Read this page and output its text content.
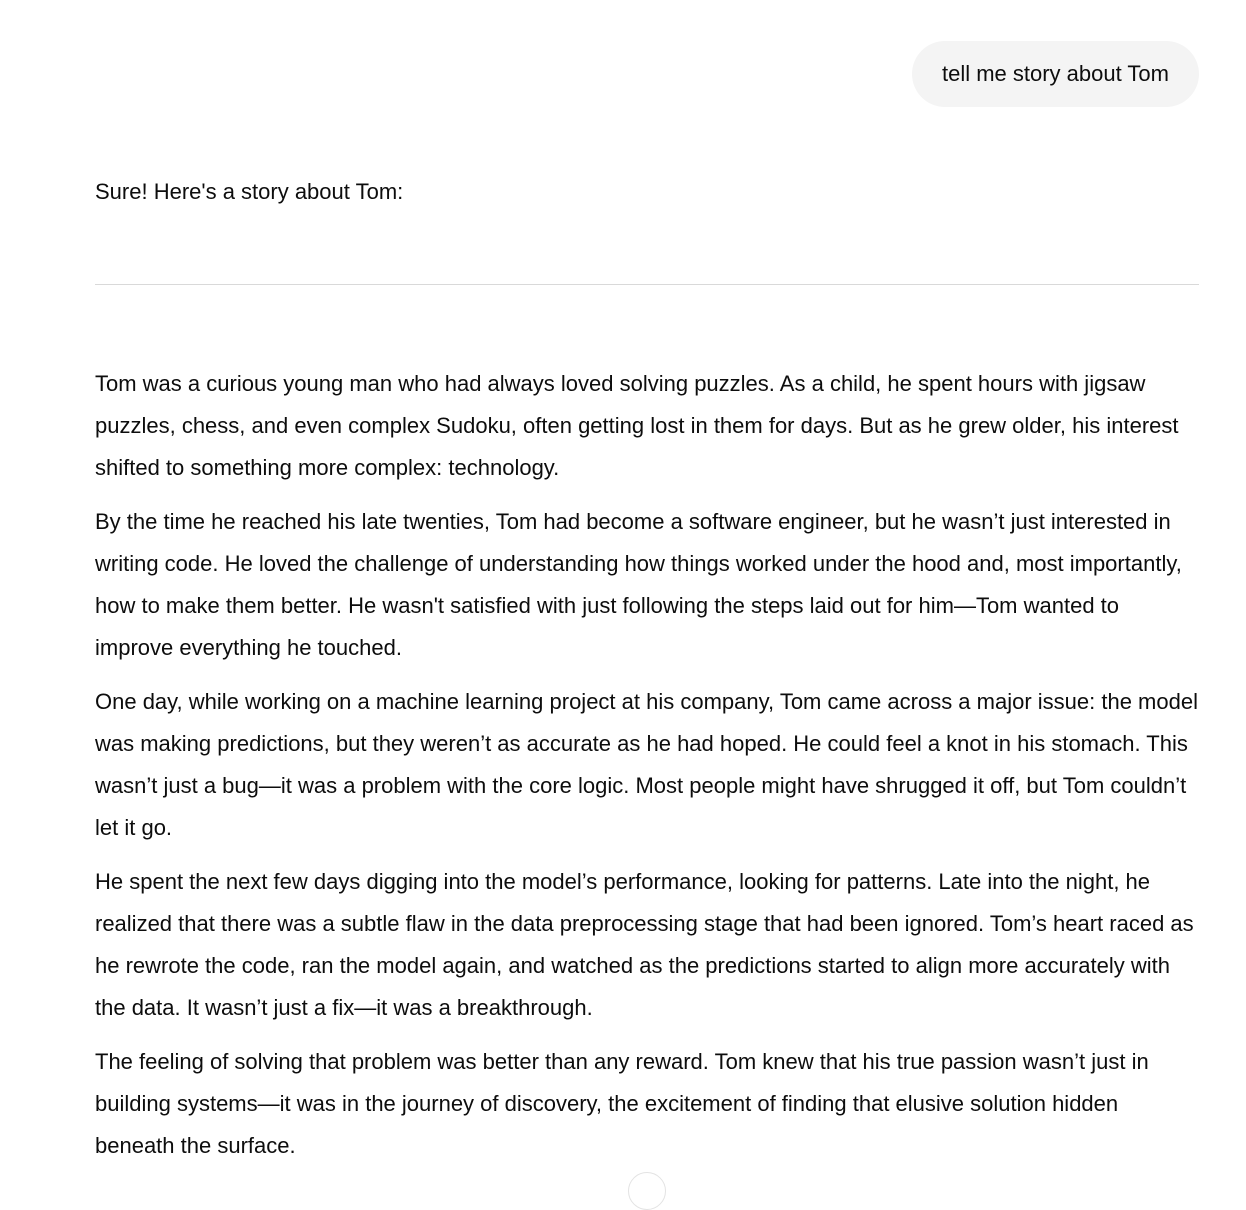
tell me story about Tom

Sure! Here's a story about Tom:

Tom was a curious young man who had always loved solving puzzles. As a child, he spent hours with jigsaw puzzles, chess, and even complex Sudoku, often getting lost in them for days. But as he grew older, his interest shifted to something more complex: technology.

By the time he reached his late twenties, Tom had become a software engineer, but he wasn’t just interested in writing code. He loved the challenge of understanding how things worked under the hood and, most importantly, how to make them better. He wasn't satisfied with just following the steps laid out for him—Tom wanted to improve everything he touched.

One day, while working on a machine learning project at his company, Tom came across a major issue: the model was making predictions, but they weren’t as accurate as he had hoped. He could feel a knot in his stomach. This wasn’t just a bug—it was a problem with the core logic. Most people might have shrugged it off, but Tom couldn’t let it go.

He spent the next few days digging into the model’s performance, looking for patterns. Late into the night, he realized that there was a subtle flaw in the data preprocessing stage that had been ignored. Tom’s heart raced as he rewrote the code, ran the model again, and watched as the predictions started to align more accurately with the data. It wasn’t just a fix—it was a breakthrough.

The feeling of solving that problem was better than any reward. Tom knew that his true passion wasn’t just in building systems—it was in the journey of discovery, the excitement of finding that elusive solution hidden beneath the surface.
